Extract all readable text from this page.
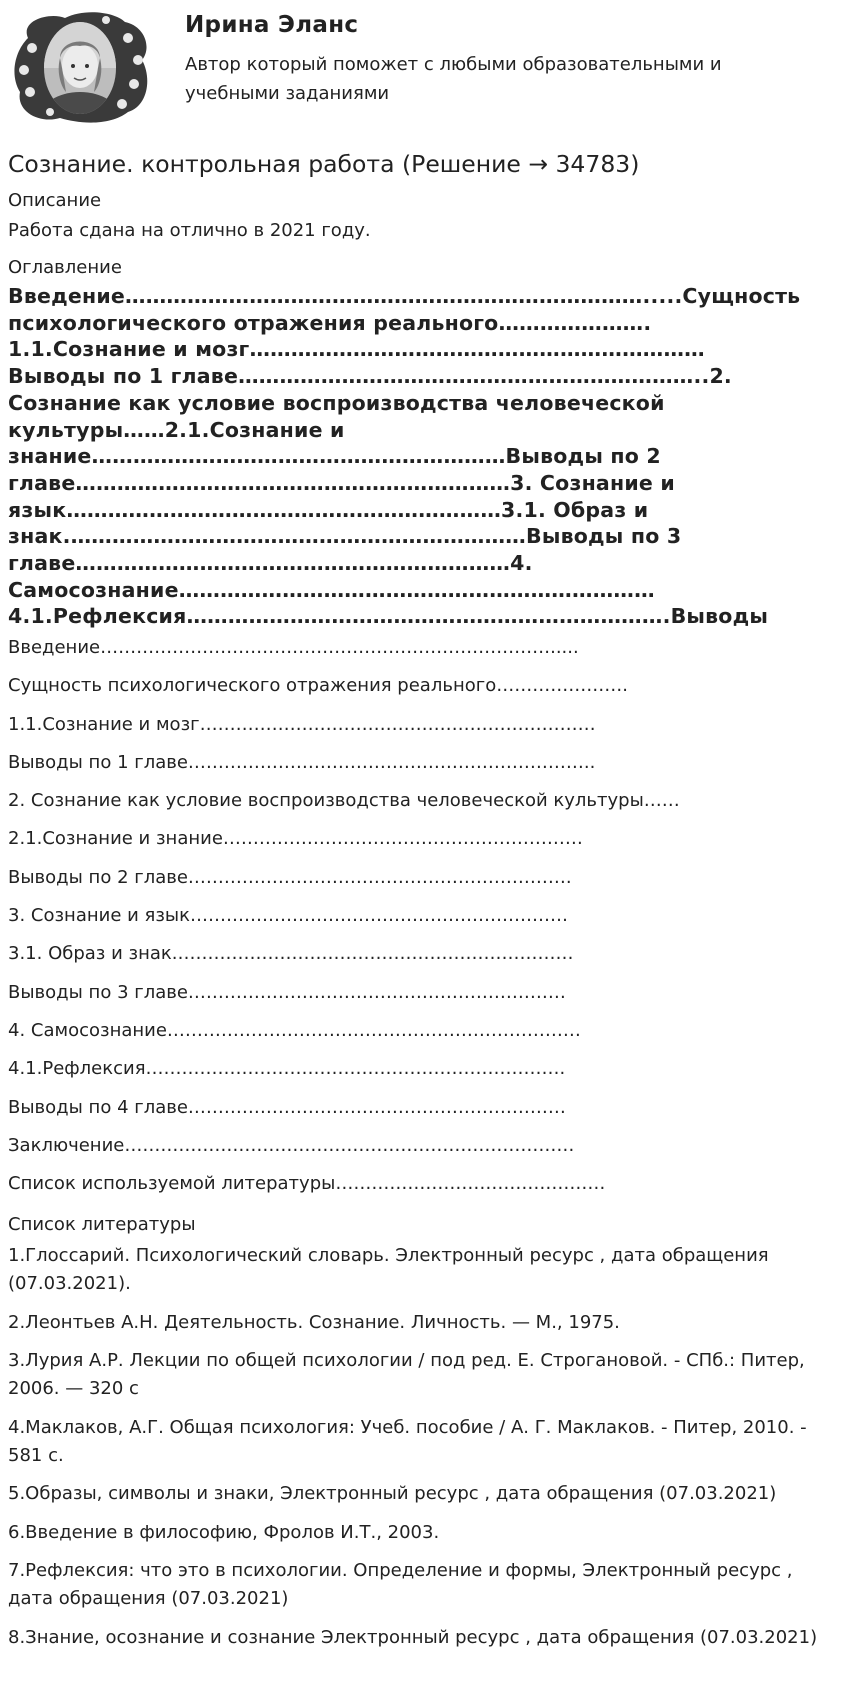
Ирина Эланс

Автор который поможет с любыми образовательными и учебными заданиями

Сознание. контрольная работа (Решение → 34783)

Описание

Работа сдана на отлично в 2021 году.

Оглавление

Введение………………………………………………………………….....Сущность

психологического отражения реального………………….

1.1.Сознание и мозг…………………………………………………………

Выводы по 1 главе…………………………………………………………..2.

Сознание как условие воспроизводства человеческой

культуры……2.1.Сознание и

знание……………………………………………………Выводы по 2

главе………………………………………………………3. Сознание и

язык………………………………………………………3.1. Образ и

знак.…………………………………………………………Выводы по 3

главе………………………………………………………4.

Самосознание……………………………………………………………

4.1.Рефлексия…………………………………………………………….Выводы

Введение………………………………………………………………….....
Сущность психологического отражения реального………………….
1.1.Сознание и мозг…………………………………………………………
Выводы по 1 главе…………………………………………………………..
2. Сознание как условие воспроизводства человеческой культуры……
2.1.Сознание и знание……………………………………………………
Выводы по 2 главе……………………………………………………….
3. Сознание и язык………………………………………………………
3.1. Образ и знак.…………………………………………………………
Выводы по 3 главе………………………………………………………
4. Самосознание……………………………………………………………
4.1.Рефлексия…………………………………………………………….
Выводы по 4 главе………………………………………………………
Заключение…………………………………………………………………
Список используемой литературы………………………………………

Список литературы

1.Глоссарий. Психологический словарь. Электронный ресурс , дата обращения (07.03.2021).
2.Леонтьев А.Н. Деятельность. Сознание. Личность. — М., 1975.
3.Лурия А.Р. Лекции по общей психологии / под ред. Е. Строгановой. - СПб.: Питер, 2006. — 320 с
4.Маклаков, А.Г. Общая психология: Учеб. пособие / А. Г. Маклаков. - Питер, 2010. - 581 с.
5.Образы, символы и знаки, Электронный ресурс , дата обращения (07.03.2021)
6.Введение в философию, Фролов И.Т., 2003.
7.Рефлексия: что это в психологии. Определение и формы, Электронный ресурс , дата обращения (07.03.2021)
8.Знание, осознание и сознание Электронный ресурс , дата обращения (07.03.2021)
